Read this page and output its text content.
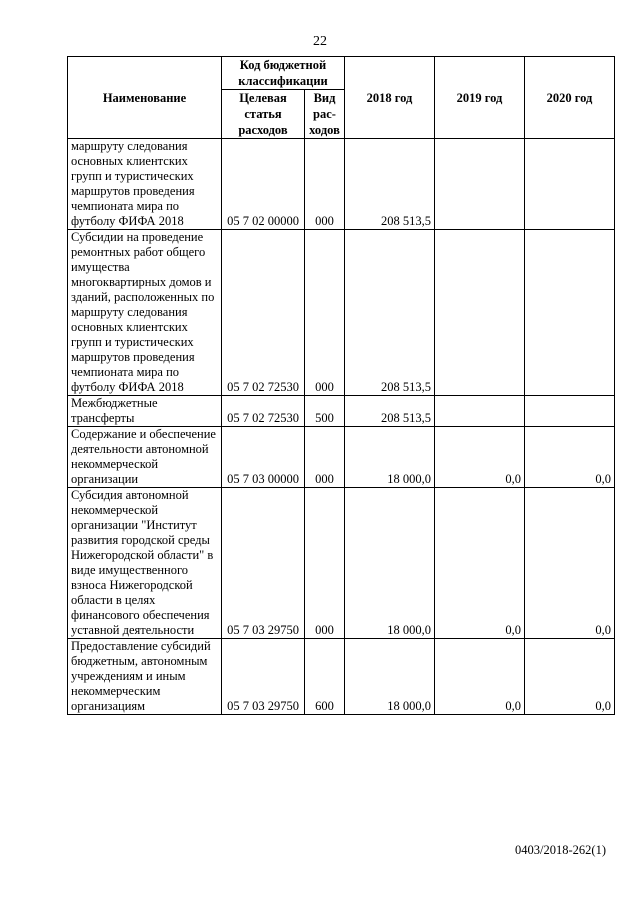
22
Наименование	Код бюджетной классификации		2018 год	2019 год	2020 год
	Целевая статья расходов	Вид рас-ходов			
маршруту следования основных клиентских групп и туристических маршрутов проведения чемпионата мира по футболу ФИФА 2018	05 7 02 00000	000	208 513,5		
Субсидии на проведение ремонтных работ общего имущества многоквартирных домов и зданий, расположенных по маршруту следования основных клиентских групп и туристических маршрутов проведения чемпионата мира по футболу ФИФА 2018	05 7 02 72530	000	208 513,5		
Межбюджетные трансферты	05 7 02 72530	500	208 513,5		
Содержание и обеспечение деятельности автономной некоммерческой организации	05 7 03 00000	000	18 000,0	0,0	0,0
Субсидия автономной некоммерческой организации "Институт развития городской среды Нижегородской области" в виде имущественного взноса Нижегородской области в целях финансового обеспечения уставной деятельности	05 7 03 29750	000	18 000,0	0,0	0,0
Предоставление субсидий бюджетным, автономным учреждениям и иным некоммерческим организациям	05 7 03 29750	600	18 000,0	0,0	0,0
0403/2018-262(1)
